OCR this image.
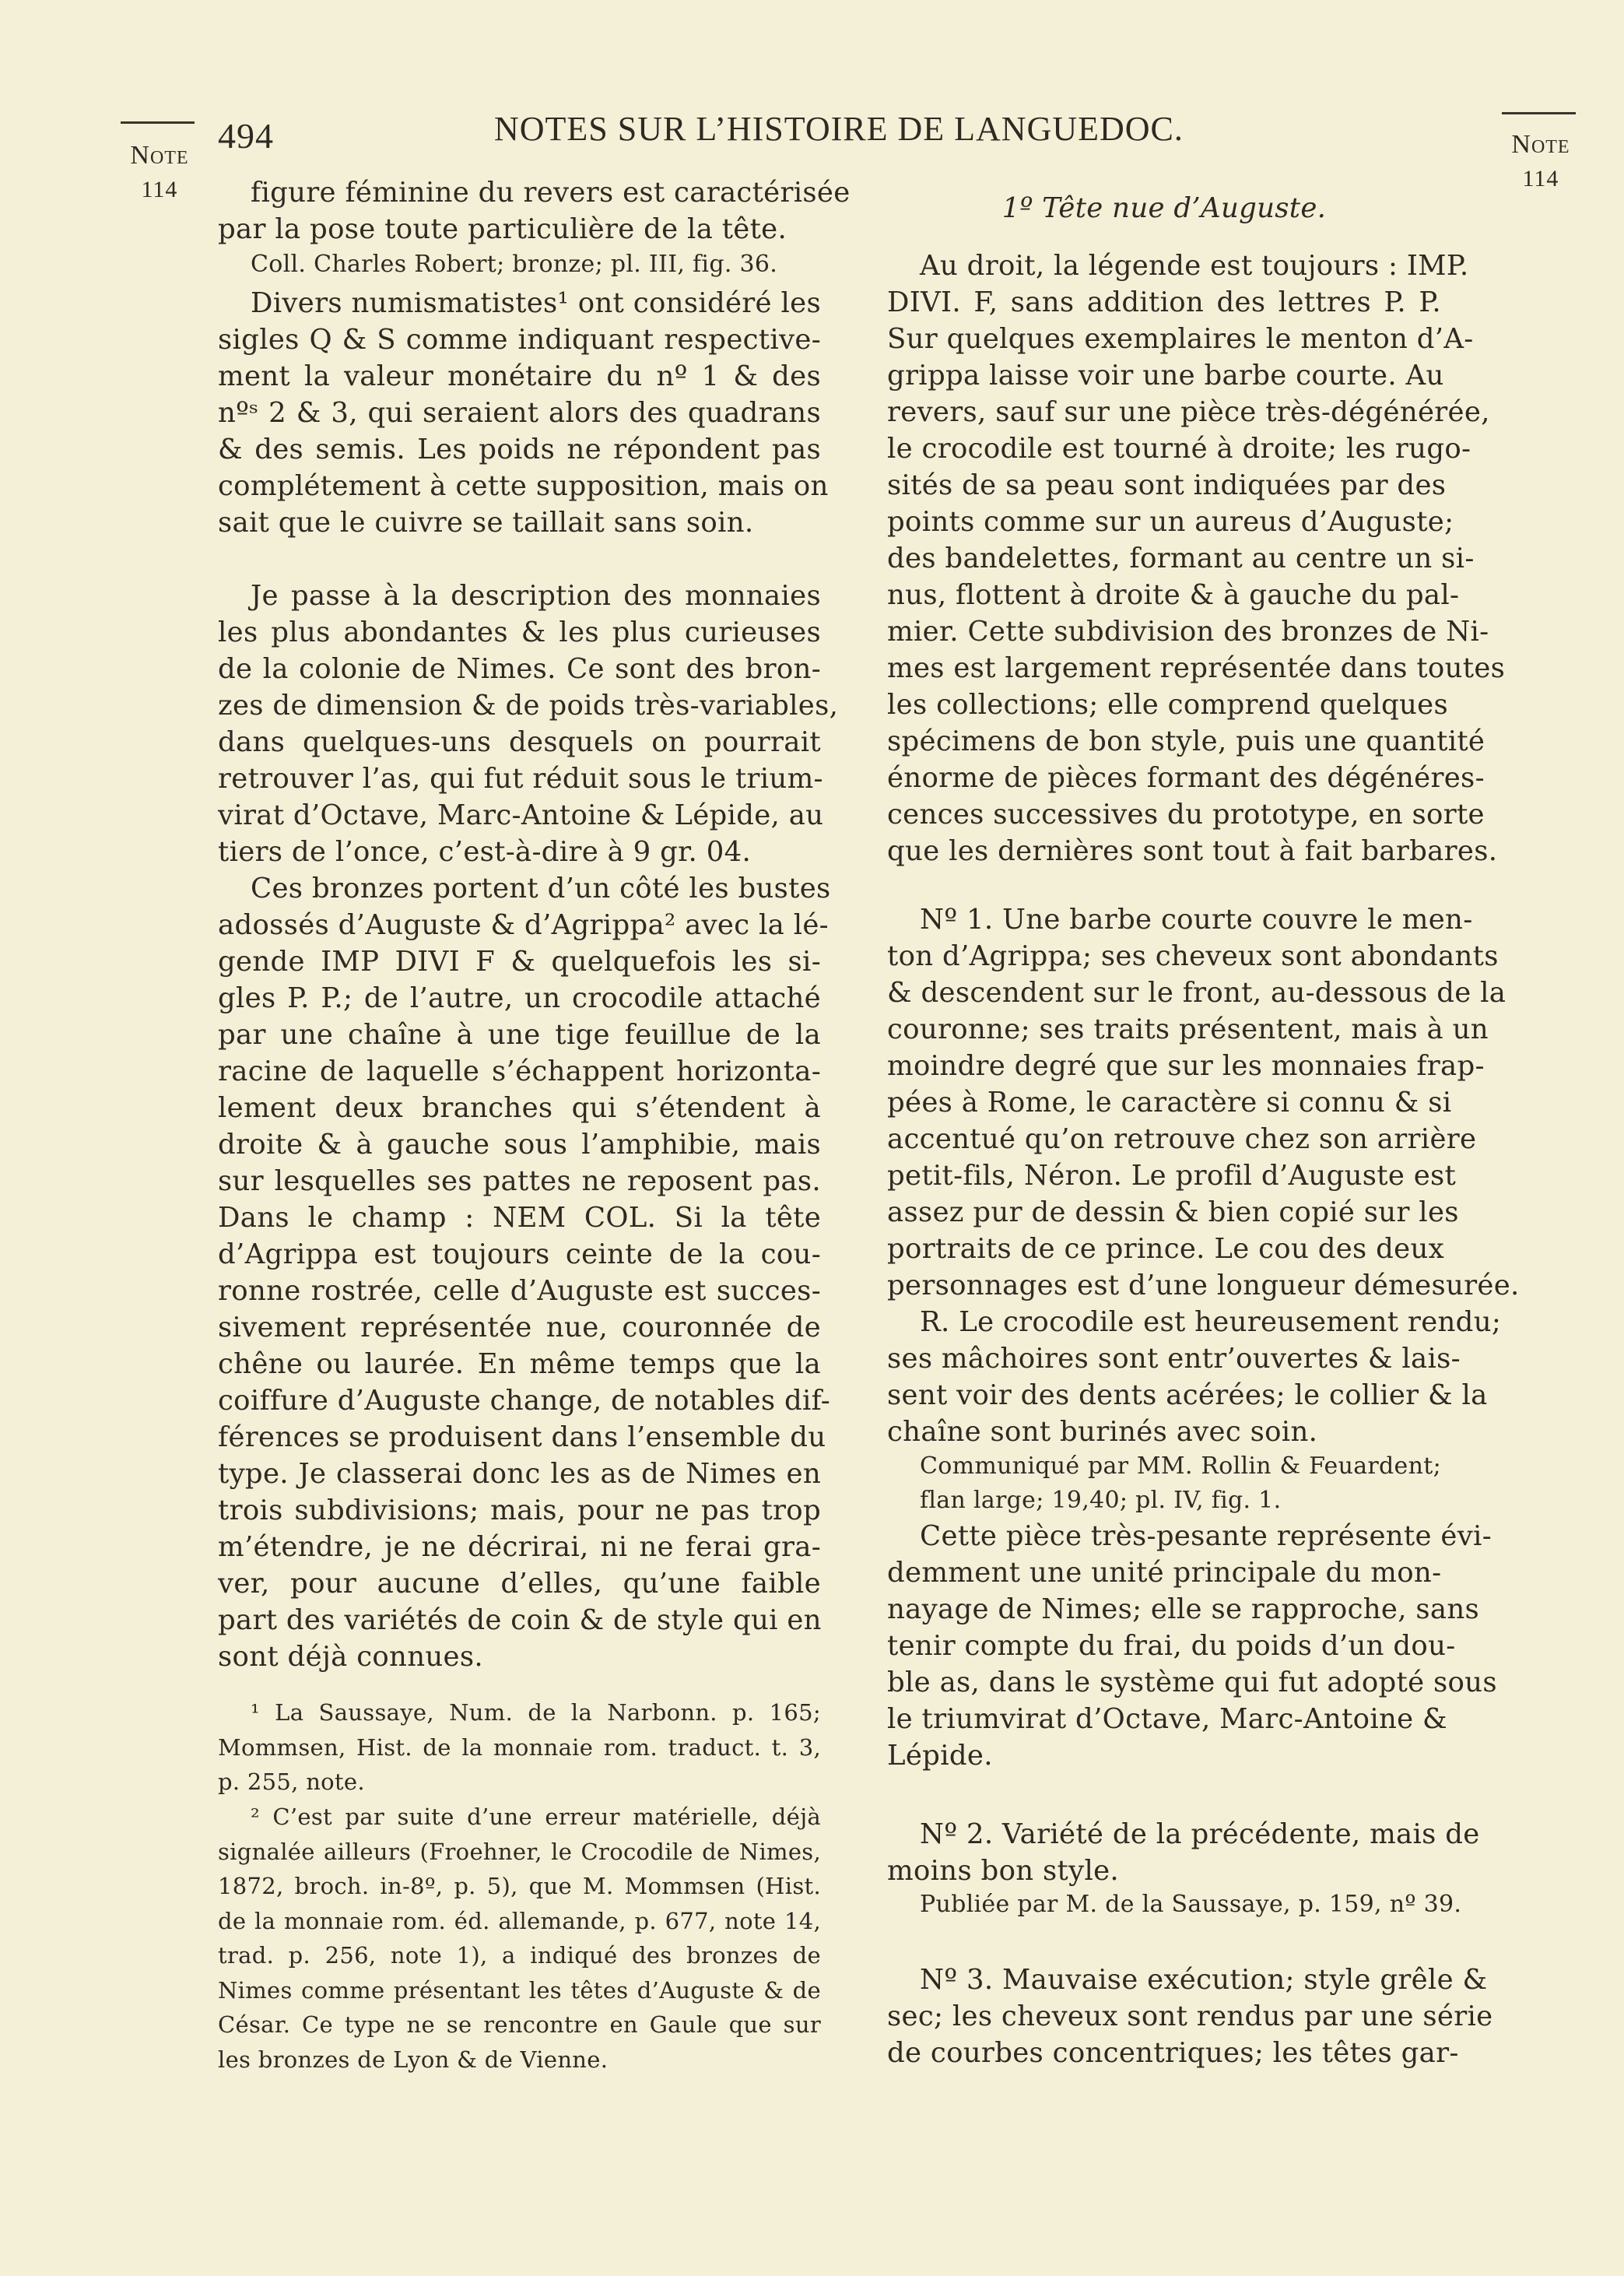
Note
114
Note
114
494	NOTES SUR L’HISTOIRE DE LANGUEDOC.
figure féminine du revers est caractérisée
par la pose toute particulière de la tête.
Coll. Charles Robert; bronze; pl. III, fig. 36.
Divers numismatistes¹ ont considéré les
sigles Q & S comme indiquant respective-
ment la valeur monétaire du nº 1 & des
nºˢ 2 & 3, qui seraient alors des quadrans
& des semis. Les poids ne répondent pas
complétement à cette supposition, mais on
sait que le cuivre se taillait sans soin.
Je passe à la description des monnaies
les plus abondantes & les plus curieuses
de la colonie de Nimes. Ce sont des bron-
zes de dimension & de poids très-variables,
dans quelques-uns desquels on pourrait
retrouver l’as, qui fut réduit sous le trium-
virat d’Octave, Marc-Antoine & Lépide, au
tiers de l’once, c’est-à-dire à 9 gr. 04.
Ces bronzes portent d’un côté les bustes
adossés d’Auguste & d’Agrippa² avec la lé-
gende IMP DIVI F & quelquefois les si-
gles P. P.; de l’autre, un crocodile attaché
par une chaîne à une tige feuillue de la
racine de laquelle s’échappent horizonta-
lement deux branches qui s’étendent à
droite & à gauche sous l’amphibie, mais
sur lesquelles ses pattes ne reposent pas.
Dans le champ : NEM COL. Si la tête
d’Agrippa est toujours ceinte de la cou-
ronne rostrée, celle d’Auguste est succes-
sivement représentée nue, couronnée de
chêne ou laurée. En même temps que la
coiffure d’Auguste change, de notables dif-
férences se produisent dans l’ensemble du
type. Je classerai donc les as de Nimes en
trois subdivisions; mais, pour ne pas trop
m’étendre, je ne décrirai, ni ne ferai gra-
ver, pour aucune d’elles, qu’une faible
part des variétés de coin & de style qui en
sont déjà connues.
¹ La Saussaye, Num. de la Narbonn. p. 165;
Mommsen, Hist. de la monnaie rom. traduct. t. 3,
p. 255, note.
² C’est par suite d’une erreur matérielle, déjà
signalée ailleurs (Froehner, le Crocodile de Nimes,
1872, broch. in-8º, p. 5), que M. Mommsen (Hist.
de la monnaie rom. éd. allemande, p. 677, note 14,
trad. p. 256, note 1), a indiqué des bronzes de
Nimes comme présentant les têtes d’Auguste & de
César. Ce type ne se rencontre en Gaule que sur
les bronzes de Lyon & de Vienne.
1º Tête nue d’Auguste.
Au droit, la légende est toujours : IMP.
DIVI. F, sans addition des lettres P. P.
Sur quelques exemplaires le menton d’A-
grippa laisse voir une barbe courte. Au
revers, sauf sur une pièce très-dégénérée,
le crocodile est tourné à droite; les rugo-
sités de sa peau sont indiquées par des
points comme sur un aureus d’Auguste;
des bandelettes, formant au centre un si-
nus, flottent à droite & à gauche du pal-
mier. Cette subdivision des bronzes de Ni-
mes est largement représentée dans toutes
les collections; elle comprend quelques
spécimens de bon style, puis une quantité
énorme de pièces formant des dégénéres-
cences successives du prototype, en sorte
que les dernières sont tout à fait barbares.
Nº 1. Une barbe courte couvre le men-
ton d’Agrippa; ses cheveux sont abondants
& descendent sur le front, au-dessous de la
couronne; ses traits présentent, mais à un
moindre degré que sur les monnaies frap-
pées à Rome, le caractère si connu & si
accentué qu’on retrouve chez son arrière
petit-fils, Néron. Le profil d’Auguste est
assez pur de dessin & bien copié sur les
portraits de ce prince. Le cou des deux
personnages est d’une longueur démesurée.
R. Le crocodile est heureusement rendu;
ses mâchoires sont entr’ouvertes & lais-
sent voir des dents acérées; le collier & la
chaîne sont burinés avec soin.
Communiqué par MM. Rollin & Feuardent;
flan large; 19,40; pl. IV, fig. 1.
Cette pièce très-pesante représente évi-
demment une unité principale du mon-
nayage de Nimes; elle se rapproche, sans
tenir compte du frai, du poids d’un dou-
ble as, dans le système qui fut adopté sous
le triumvirat d’Octave, Marc-Antoine &
Lépide.
Nº 2. Variété de la précédente, mais de
moins bon style.
Publiée par M. de la Saussaye, p. 159, nº 39.
Nº 3. Mauvaise exécution; style grêle &
sec; les cheveux sont rendus par une série
de courbes concentriques; les têtes gar-
